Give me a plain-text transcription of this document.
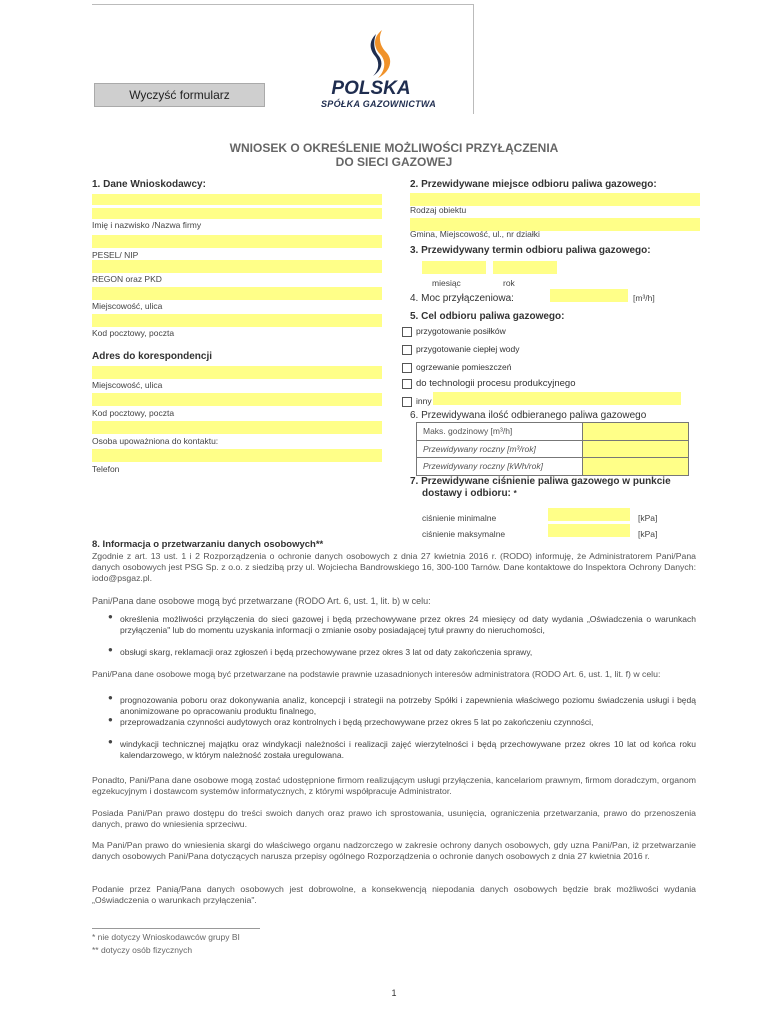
Wyczyść formularz	POLSKA
SPÓŁKA GAZOWNICTWA
WNIOSEK O OKREŚLENIE MOŻLIWOŚCI PRZYŁĄCZENIA
DO SIECI GAZOWEJ
1. Dane Wnioskodawcy:
Imię i nazwisko /Nazwa firmy
PESEL/ NIP
REGON oraz PKD
Miejscowość, ulica
Kod pocztowy, poczta
Adres do korespondencji
Miejscowość, ulica
Kod pocztowy, poczta
Osoba upoważniona do kontaktu:
Telefon
2. Przewidywane miejsce odbioru paliwa gazowego:
Rodzaj obiektu
Gmina, Miejscowość, ul., nr działki
3. Przewidywany termin odbioru paliwa gazowego:
miesiąc	rok
4. Moc przyłączeniowa:	[m³/h]
5. Cel odbioru paliwa gazowego:
przygotowanie posiłków
przygotowanie ciepłej wody
ogrzewanie pomieszczeń
do technologii procesu produkcyjnego
inny
6. Przewidywana ilość odbieranego paliwa gazowego
Maks. godzinowy [m³/h]	
Przewidywany roczny [m³/rok]	
Przewidywany roczny [kWh/rok]	
7. Przewidywane ciśnienie paliwa gazowego w punkcie
dostawy i odbioru: *
ciśnienie minimalne	[kPa]
ciśnienie maksymalne	[kPa]
8. Informacja o przetwarzaniu danych osobowych**
Zgodnie z art. 13 ust. 1 i 2 Rozporządzenia o ochronie danych osobowych z dnia 27 kwietnia 2016 r. (RODO) informuję, że Administratorem Pani/Pana danych osobowych jest PSG Sp. z o.o. z siedzibą przy ul. Wojciecha Bandrowskiego 16, 300-100 Tarnów. Dane kontaktowe do Inspektora Ochrony Danych: iodo@psgaz.pl.
Pani/Pana dane osobowe mogą być przetwarzane (RODO Art. 6, ust. 1, lit. b) w celu:
● określenia możliwości przyłączenia do sieci gazowej i będą przechowywane przez okres 24 miesięcy od daty wydania „Oświadczenia o warunkach przyłączenia" lub do momentu uzyskania informacji o zmianie osoby posiadającej tytuł prawny do nieruchomości,
● obsługi skarg, reklamacji oraz zgłoszeń i będą przechowywane przez okres 3 lat od daty zakończenia sprawy,
Pani/Pana dane osobowe mogą być przetwarzane na podstawie prawnie uzasadnionych interesów administratora (RODO Art. 6, ust. 1, lit. f) w celu:
● prognozowania poboru oraz dokonywania analiz, koncepcji i strategii na potrzeby Spółki i zapewnienia właściwego poziomu świadczenia usługi i będą anonimizowane po opracowaniu produktu finalnego,
● przeprowadzania czynności audytowych oraz kontrolnych i będą przechowywane przez okres 5 lat po zakończeniu czynności,
● windykacji technicznej majątku oraz windykacji należności i realizacji zajęć wierzytelności i będą przechowywane przez okres 10 lat od końca roku kalendarzowego, w którym należność została uregulowana.
Ponadto, Pani/Pana dane osobowe mogą zostać udostępnione firmom realizującym usługi przyłączenia, kancelariom prawnym, firmom doradczym, organom egzekucyjnym i dostawcom systemów informatycznych, z którymi współpracuje Administrator.
Posiada Pani/Pan prawo dostępu do treści swoich danych oraz prawo ich sprostowania, usunięcia, ograniczenia przetwarzania, prawo do przenoszenia danych, prawo do wniesienia sprzeciwu.
Ma Pani/Pan prawo do wniesienia skargi do właściwego organu nadzorczego w zakresie ochrony danych osobowych, gdy uzna Pani/Pan, iż przetwarzanie danych osobowych Pani/Pana dotyczących narusza przepisy ogólnego Rozporządzenia o ochronie danych osobowych z dnia 27 kwietnia 2016 r.
Podanie przez Panią/Pana danych osobowych jest dobrowolne, a konsekwencją niepodania danych osobowych będzie brak możliwości wydania „Oświadczenia o warunkach przyłączenia".
* nie dotyczy Wnioskodawców grupy BI
** dotyczy osób fizycznych
1
